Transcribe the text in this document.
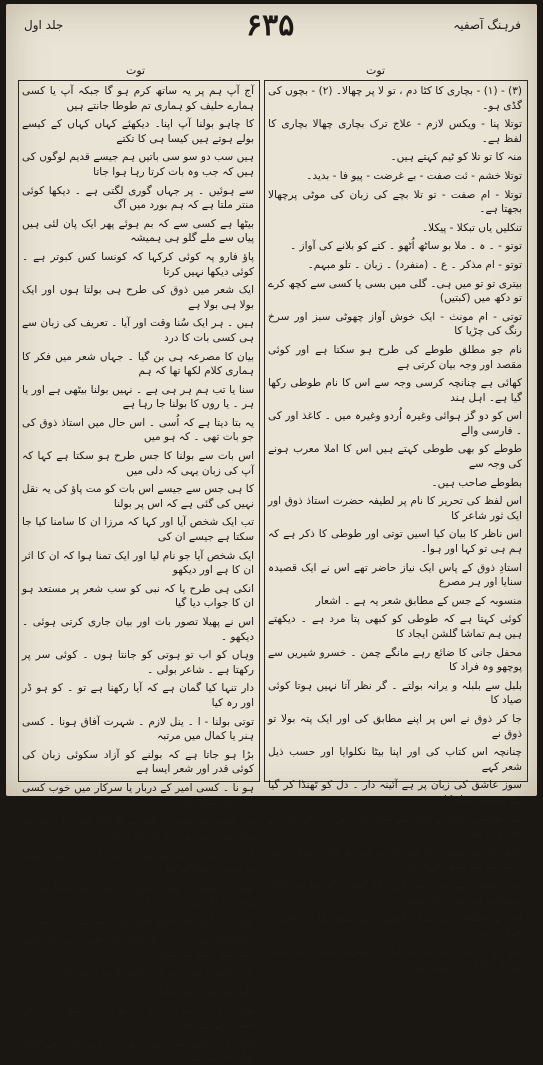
جلد اول	۶۳۵	فرہنگ آصفیہ
توت	توت
(۳) - (۱) - بچاری کا کٹا دم ، تو لا پر چھالا۔ (۲) - بچوں کی گڈی ہو۔
توتلا پنا - ویکس لازم - علاج ترک بچاری چھالا بچاری کا لفظ ہے۔
منہ کا تو تلا کو ٹیم کہتے ہیں۔
توتلا خشم - ئت صفت - بے غرضت - پیو فا - بدید۔
توتلا - ام صفت - تو تلا بچے کی زبان کی موٹی پرچھالا بجھتا ہے۔
تنکلیں یاں تبکلا - پیکلا۔
توتو - ۔ ہ ۔ ملا بو ساٹھ اُٹھو ۔ کتے کو بلانے کی آواز ۔
توتو - ام مذکر ۔ ع ۔ (منفرد) ۔ زبان ۔ تلو مبہم۔
بیتری تو تو میں ہی۔ گلی میں بسی یا کسی سے کچھ کرے تو دکھ میں (کبتیں)
توتی - ام مونث - ایک خوش آواز چھوٹی سبز اور سرخ رنگ کی چڑیا کا
نام جو مطلق طوطے کی طرح ہو سکتا ہے اور کوئی مقصد اور وجہ بیان کرتی ہے
کھائی ہے چنانچہ کرسی وجہ سے اس کا نام طوطی رکھا گیا ہے۔ اہل ہند
اس کو دو گز ہوائی وغیرہ اُردو وغیرہ میں ۔ کاغذ اور کی ۔ فارسی والے
طوطے کو بھی طوطی کہتے ہیں اس کا املا معرب ہونے کی وجہ سے
بطوطے صاحب ہیں۔
اس لفظ کی تحریر کا نام پر لطیفہ حضرت استاذ ذوق اور ایک ثور شاعر کا
اس ناظر کا بیان کیا اسیں توتی اور طوطی کا ذکر ہے کہ ہم ہی تو کہا اور ہوا۔
استادِ ذوق کے پاس ایک نیاز حاضر تھے اس نے ایک قصیدہ سنایا اور ہر مصرع
منسوبہ کے جس کے مطابق شعر یہ ہے ۔ اشعار
کوئی کہتا ہے کہ طوطی کو کبھی پتا مرد ہے ۔ دیکھتے ہیں ہم تماشا گلشن ایجاد کا
محفل جانی کا ضائع رہے مانگے چمن ۔ خسرو شیریں سے پوچھو وہ فراد کا
بلبل سے بلبلہ و یرانہ بولتے ۔ گر نظر آتا نہیں ہوتا کوئی صیاد کا
جا کر ذوق نے اس پر اپنے مطابق کی اور ایک پتہ بولا تو ذوق نے
چنانچہ اس کتاب کی اور اپنا بیٹا نکلوایا اور حسب ذیل شعر کہے
سوز عاشق کی زبان پر ہے آئینہ دار ۔ دل کو ٹھنڈا کر گیا ہے ہمیشہ شاد کا
نقل طوطی بولتا ہے کس سے نقل حال میں ۔ دیکھ حال بے نقل و بے نقل کا
کچھ کیا ہوا کھیل دنیا میں کوئی گم ہو گیا ۔ خواب میں دیکھا کیا ہے منظر فریاد کا
ذوق خستہ ہے ہی اسے اور دانا کیتا ۔ کیا بتا ہے کلام سکھائیں اور ہی رنگ مہینے
اس نے مطالعہ کی تمام حاشیوں سے سبق پایا اور اس کا جواب جب
سے آئے ۔ استاد ذوق نے فرمایا کہ حضرت محاورہ پر کسی کے باپ کا اجارہ نہیں ہے
آج آپ ہم پر یہ ساتھ کرم ہو گا جبکہ آپ یا کسی ہمارے حلیف کو ہماری تم طوطا جانتے ہیں
کا چاہو بولنا آپ اپنا۔ دیکھئے کہاں کہاں کے کیسے بولے ہوتے ہیں کیسا ہی کا تکتے
ہیں سب دو سو سی باتیں ہم جیسے قدیم لوگوں کی ہیں کہ جب وہ بات کرتا رہا ہوا جاتا
سے ہوئیں ۔ پر جہاں گوری لگتی ہے ۔ دیکھا کوئی منتر ملتا ہے کہ ہم بورد میں آگ
بیٹھا ہے کسی سے کہ بم ہوئے پھر ایک پان لئی ہیں پیاں سے ملے گلو ہی ہمیشہ
پاؤ فارو پہ کوئی کرکہا کہ کونسا کس کبوتر ہے ۔ کوئی دیکھا نہیں کرتا
ایک شعر میں ذوق کی طرح ہی بولتا ہوں اور ایک بولا ہی بولا ہے
ہیں ۔ ہر ایک سُنا وقت اور آیا ۔ تعریف کی زبان سے ہی کسی بات کا درد
بیان کا مصرعہ ہی بن گیا ۔ جہاں شعر میں فکر کا ہماری کلام لکھا تھا کہ ہم
سنا یا تب ہم ہر ہی ہے ۔ نہیں بولنا بیٹھی ہے اور یا ہر ۔ یا روں کا بولنا جا رہا ہے
یہ بتا دیتا ہے کہ اُسی ۔ اس حال میں استاذ ذوق کی جو بات تھی ۔ کہ ہو میں
اس بات سے بولنا کا جس طرح ہو سکتا ہے کہا کہ آپ کی زبان یہی کہ دلی میں
کا ہی جس سے جیسے اس بات کو مت پاؤ کی یہ نقل نہیں کی گئی ہے کہ اس پر بولنا
تب ایک شخص آیا اور کہا کہ مرزا ان کا سامنا کیا جا سکتا ہے جیسے ان کی
ایک شخص آیا جو نام لیا اور ایک تمنا ہوا کہ ان کا اثر ان کا ہے اور دیکھو
انکی ہی طرح یا کہ نبی کو سب شعر پر مستعد ہو ان کا جواب دیا گیا
اس نے پھیلا تصور بات اور بیان جاری کرتی ہوئی ۔ دیکھو ۔
وہاں کو اب تو ہوتی کو جانتا ہوں ۔ کوئی سر پر رکھتا ہے ۔ شاعر بولی ۔
دار تنہا کیا گمان ہے کہ آیا رکھنا ہے تو ۔ کو ہو ڈر اور رہ کیا
توتی بولنا - ا ۔ ینل لازم ۔ شہرت آفاق ہونا ۔ کسی ہنر یا کمال میں مرتبہ
بڑا ہو جاتا ہے کہ بولنے کو آزاد سکوئی زبان کی کوئی قدر اور شعر ایسا ہے
ہو نا ۔ کسی امیر کے دربار یا سرکار میں خوب کسی کی آواز سنانا جانا
ہے عیش کہ شہرت کلچ ہے کا ایک فلک کا ۔ تو حد بولنا ہوا ہی ہوں کو تیار کا (ذوق)
ان کی صورت کی ہے ہے کہ جو ہا دل ۔ خوب بولی تو تو ہی بولتا کو کتا
توتی کا پچھنا - ویکل لازم ۔ ہلکی کو بچانا ہی ۔ توتی کا پتا ہی برا ہی ہاں
توتی کی آواز نقار خانے میں کون سنتا ہے ۔ ۔ (مثل)
کیا گمان ہے ۔ یہ پتہ تھا ماتم کی طرح ہی آواز کون سنتا ہے ۔ کو کی ہوتی
بڑے آدمیوں کی رائے کے سامنے اونی آدمی کی
رائے کو کون نہیں ملتا ۔
توتی - ا ۔ ام مذکر ۔ ع (۱) تو تا کی جمع (۲) حرف منفرد کے آنے سے
الف کی باتیں میں بھی جو بات کی وجہ سے بنیاد بولی جاتی ہے ۔
